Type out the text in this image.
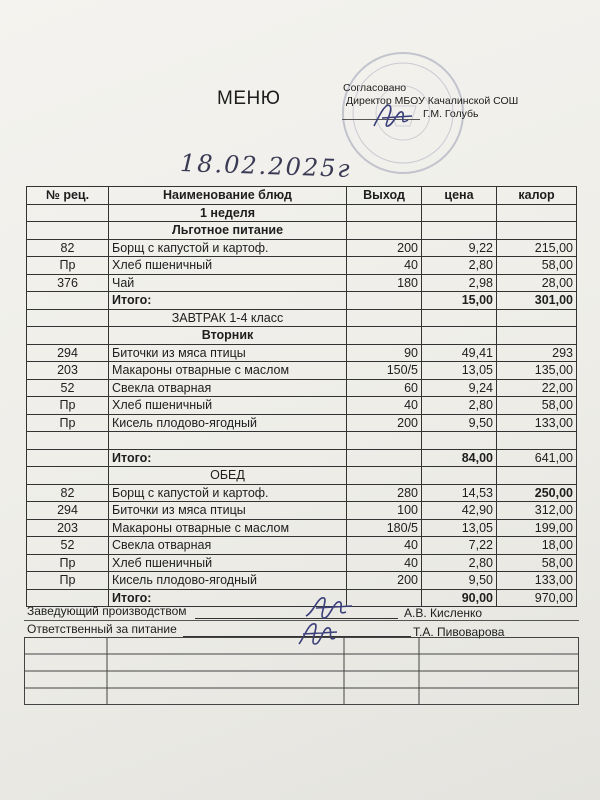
МЕНЮ	Согласовано
Директор МБОУ Качалинской СОШ
Г.М. Голубь
18.02.2025г
№ рец.	Наименование блюд	Выход	цена	калор
	1 неделя			
	Льготное питание			
82	Борщ с капустой и картоф.	200	9,22	215,00
Пр	Хлеб пшеничный	40	2,80	58,00
376	Чай	180	2,98	28,00
	Итого:		15,00	301,00
	ЗАВТРАК 1-4 класс			
	Вторник			
294	Биточки из мяса птицы	90	49,41	293
203	Макароны отварные с маслом	150/5	13,05	135,00
52	Свекла отварная	60	9,24	22,00
Пр	Хлеб пшеничный	40	2,80	58,00
Пр	Кисель плодово-ягодный	200	9,50	133,00

	Итого:		84,00	641,00
	ОБЕД			
82	Борщ с капустой и картоф.	280	14,53	250,00
294	Биточки из мяса птицы	100	42,90	312,00
203	Макароны отварные с маслом	180/5	13,05	199,00
52	Свекла отварная	40	7,22	18,00
Пр	Хлеб пшеничный	40	2,80	58,00
Пр	Кисель плодово-ягодный	200	9,50	133,00
	Итого:		90,00	970,00
Заведующий производством	А.В. Кисленко
Ответственный за питание	Т.А. Пивоварова
